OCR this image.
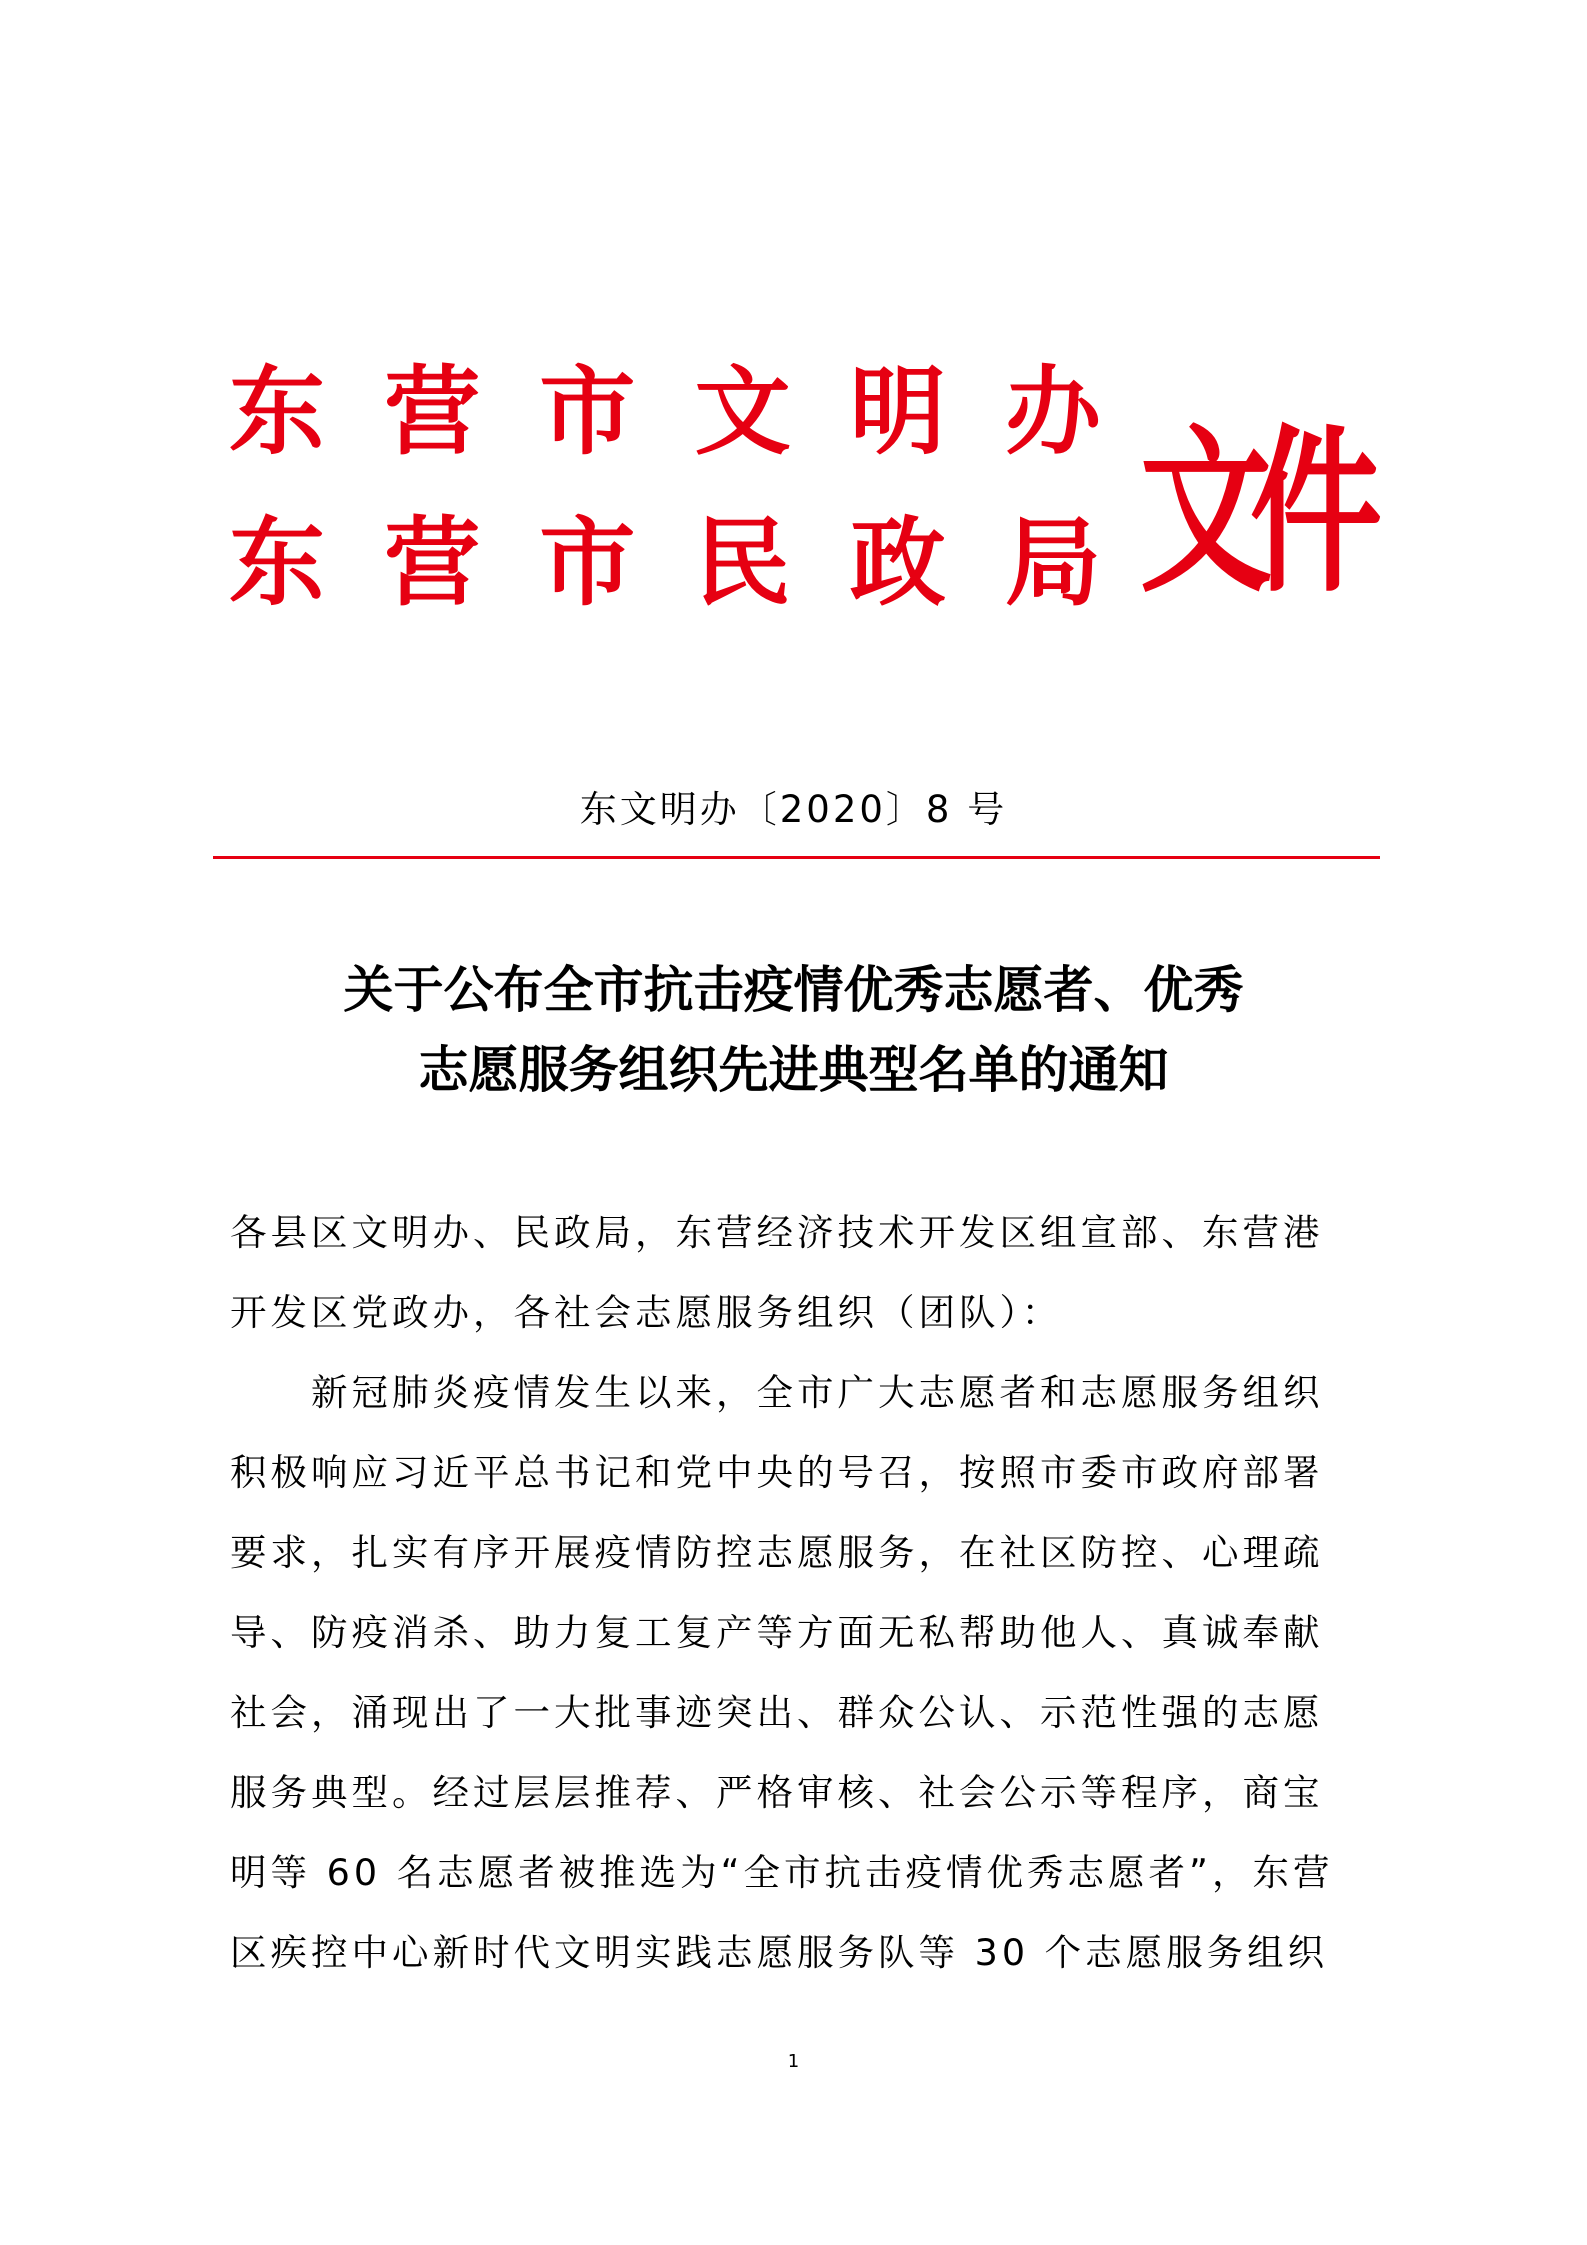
东 营 市 文 明 办
东 营 市 民 政 局 文件
东文明办〔2020〕8 号
关于公布全市抗击疫情优秀志愿者、优秀
志愿服务组织先进典型名单的通知
各县区文明办、民政局，东营经济技术开发区组宣部、东营港
开发区党政办，各社会志愿服务组织（团队）：
　　新冠肺炎疫情发生以来，全市广大志愿者和志愿服务组织
积极响应习近平总书记和党中央的号召，按照市委市政府部署
要求，扎实有序开展疫情防控志愿服务，在社区防控、心理疏
导、防疫消杀、助力复工复产等方面无私帮助他人、真诚奉献
社会，涌现出了一大批事迹突出、群众公认、示范性强的志愿
服务典型。经过层层推荐、严格审核、社会公示等程序，商宝
明等 60 名志愿者被推选为“全市抗击疫情优秀志愿者”，东营
区疾控中心新时代文明实践志愿服务队等 30 个志愿服务组织
1
